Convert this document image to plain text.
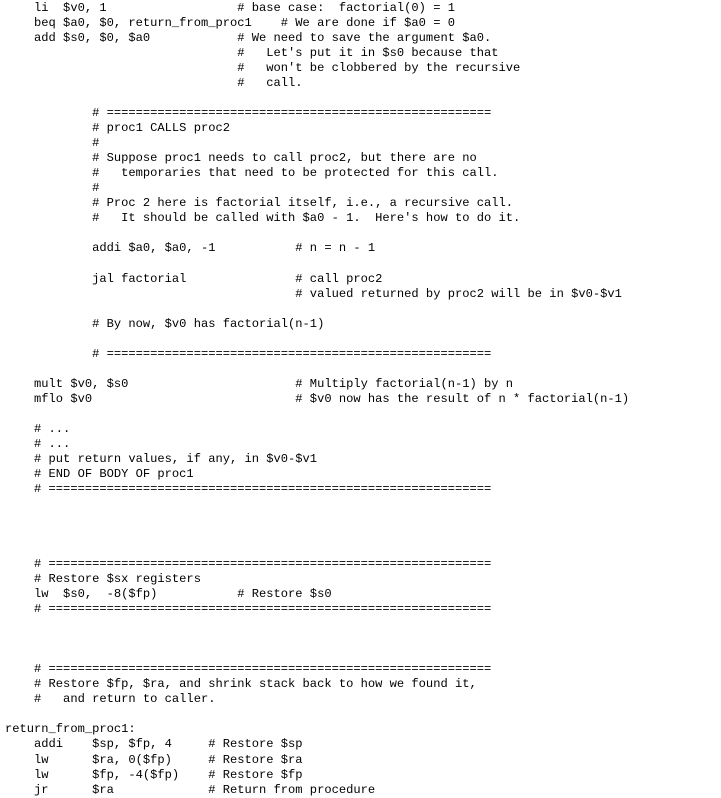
li  $v0, 1                  # base case:  factorial(0) = 1
beq $a0, $0, return_from_proc1    # We are done if $a0 = 0
add $s0, $0, $a0            # We need to save the argument $a0.
#   Let's put it in $s0 because that
#   won't be clobbered by the recursive
#   call.
# =====================================================
# proc1 CALLS proc2
#
# Suppose proc1 needs to call proc2, but there are no
#   temporaries that need to be protected for this call.
#
# Proc 2 here is factorial itself, i.e., a recursive call.
#   It should be called with $a0 - 1.  Here's how to do it.
addi $a0, $a0, -1           # n = n - 1
jal factorial               # call proc2
# valued returned by proc2 will be in $v0-$v1
# By now, $v0 has factorial(n-1)
# =====================================================
mult $v0, $s0                       # Multiply factorial(n-1) by n
mflo $v0                            # $v0 now has the result of n * factorial(n-1)
# ...
# ...
# put return values, if any, in $v0-$v1
# END OF BODY OF proc1
# =============================================================
# =============================================================
# Restore $sx registers
lw  $s0,  -8($fp)           # Restore $s0
# =============================================================
# =============================================================
# Restore $fp, $ra, and shrink stack back to how we found it,
#   and return to caller.
return_from_proc1:
addi    $sp, $fp, 4     # Restore $sp
lw      $ra, 0($fp)     # Restore $ra
lw      $fp, -4($fp)    # Restore $fp
jr      $ra             # Return from procedure
